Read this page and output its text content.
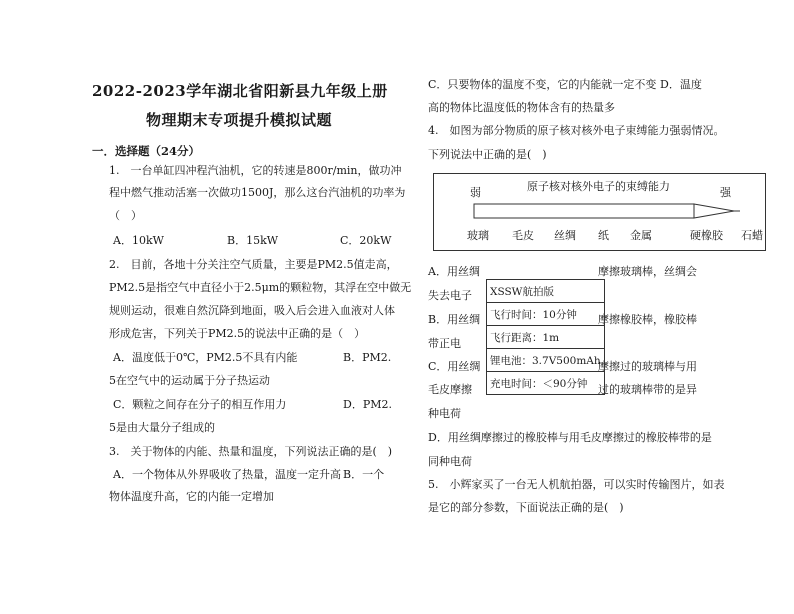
2022-2023学年湖北省阳新县九年级上册
物理期末专项提升模拟试题
一．选择题（24分）
1.　一台单缸四冲程汽油机，它的转速是800r/min，做功冲
程中燃气推动活塞一次做功1500J，那么这台汽油机的功率为
（　）
A．10kW	B．15kW	C．20kW
2.　目前，各地十分关注空气质量，主要是PM2.5值走高，
PM2.5是指空气中直径小于2.5μm的颗粒物，其浮在空中做无
规则运动，很难自然沉降到地面，吸入后会进入血液对人体
形成危害，下列关于PM2.5的说法中正确的是（　）
A．温度低于0℃，PM2.5不具有内能	B．PM2.
5在空气中的运动属于分子热运动
C．颗粒之间存在分子的相互作用力	D．PM2.
5是由大量分子组成的
3.　关于物体的内能、热量和温度，下列说法正确的是(　)
A．一个物体从外界吸收了热量，温度一定升高 B．一个
物体温度升高，它的内能一定增加
C．只要物体的温度不变，它的内能就一定不变 D．温度
高的物体比温度低的物体含有的热量多
4.　如图为部分物质的原子核对核外电子束缚能力强弱情况。
下列说法中正确的是(　)
原子核对核外电子的束缚能力
弱	强
玻璃 毛皮 丝绸 纸 金属	硬橡胶 石蜡
A．用丝绸	摩擦玻璃棒，丝绸会
失去电子
B．用丝绸	摩擦橡胶棒，橡胶棒
带正电
C．用丝绸	摩擦过的玻璃棒与用
毛皮摩擦	过的玻璃棒带的是异
种电荷
D．用丝绸摩擦过的橡胶棒与用毛皮摩擦过的橡胶棒带的是
同种电荷
XSSW航拍版
飞行时间：10分钟
飞行距离：1m
锂电池：3.7V500mAh
充电时间：＜90分钟
5.　小辉家买了一台无人机航拍器，可以实时传输图片，如表
是它的部分参数，下面说法正确的是(　)
